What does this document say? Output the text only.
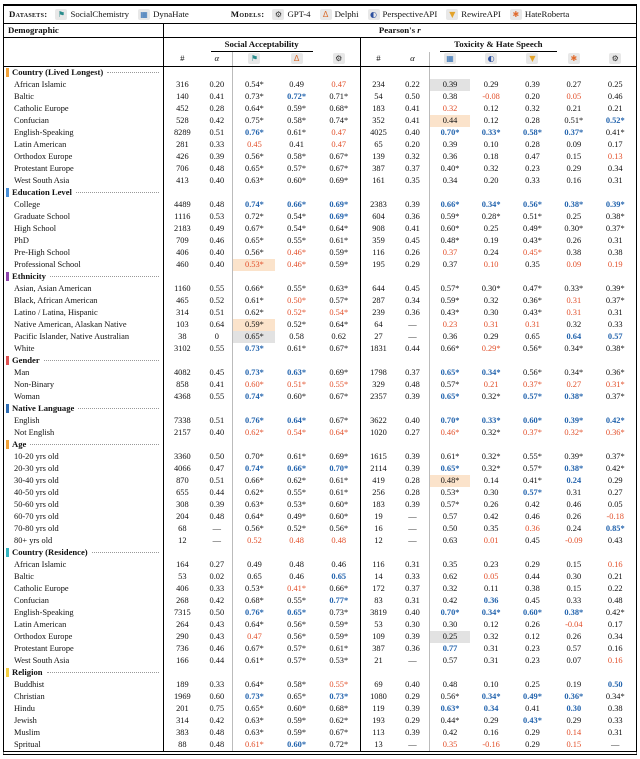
Datasets:	⚑ SocialChemistry ▦ DynaHate	Models:	⚙ GPT-4	Δ Delphi	◐ PerspectiveAPI	▼ RewireAPI	✱ HateRoberta
Demographic	Pearson's r											
	Social Acceptability					Toxicity & Hate Speech						
	#	α	⚑	Δ	⚙	#	α	▦	◐	▼	✱	⚙

Country (Lived Longest)												

African Islamic	316	0.20	0.54*	0.49	0.47	234	0.22	0.39	0.29	0.39	0.27	0.25
Baltic	140	0.41	0.73*	0.72*	0.71*	54	0.50	0.38	-0.08	0.20	0.05	0.46
Catholic Europe	452	0.28	0.64*	0.59*	0.68*	183	0.41	0.32	0.12	0.32	0.21	0.21
Confucian	528	0.42	0.75*	0.58*	0.74*	352	0.41	0.44	0.12	0.28	0.51*	0.52*
English-Speaking	8289	0.51	0.76*	0.61*	0.47	4025	0.40	0.70*	0.33*	0.58*	0.37*	0.41*
Latin American	281	0.33	0.45	0.41	0.47	65	0.20	0.39	0.10	0.28	0.09	0.17
Orthodox Europe	426	0.39	0.56*	0.58*	0.67*	139	0.32	0.36	0.18	0.47	0.15	0.13
Protestant Europe	706	0.48	0.65*	0.57*	0.67*	387	0.37	0.40*	0.32	0.23	0.29	0.34
West South Asia	413	0.40	0.63*	0.60*	0.69*	161	0.35	0.34	0.20	0.33	0.16	0.31

Education Level												

College	4489	0.48	0.74*	0.66*	0.69*	2383	0.39	0.66*	0.34*	0.56*	0.38*	0.39*
Graduate School	1116	0.53	0.72*	0.54*	0.69*	604	0.36	0.59*	0.28*	0.51*	0.25	0.38*
High School	2183	0.49	0.67*	0.54*	0.64*	908	0.41	0.60*	0.25	0.49*	0.30*	0.37*
PhD	709	0.46	0.65*	0.55*	0.61*	359	0.45	0.48*	0.19	0.43*	0.26	0.31
Pre-High School	406	0.40	0.56*	0.46*	0.59*	116	0.26	0.37	0.24	0.45*	0.38	0.38
Professional School	460	0.40	0.53*	0.46*	0.59*	195	0.29	0.37	0.10	0.35	0.09	0.19

Ethnicity												

Asian, Asian American	1160	0.55	0.66*	0.55*	0.63*	644	0.45	0.57*	0.30*	0.47*	0.33*	0.39*
Black, African American	465	0.52	0.61*	0.50*	0.57*	287	0.34	0.59*	0.32	0.36*	0.31	0.37*
Latino / Latina, Hispanic	314	0.51	0.62*	0.52*	0.54*	239	0.36	0.43*	0.30	0.43*	0.31	0.31
Native American, Alaskan Native	103	0.64	0.59*	0.52*	0.64*	64	—	0.23	0.31	0.31	0.32	0.33
Pacific Islander, Native Australian	38	0	0.65*	0.58	0.62	27	—	0.36	0.29	0.65	0.64	0.57
White	3102	0.55	0.73*	0.61*	0.67*	1831	0.44	0.66*	0.29*	0.56*	0.34*	0.38*

Gender												

Man	4082	0.45	0.73*	0.63*	0.69*	1798	0.37	0.65*	0.34*	0.56*	0.34*	0.36*
Non-Binary	858	0.41	0.60*	0.51*	0.55*	329	0.48	0.57*	0.21	0.37*	0.27	0.31*
Woman	4368	0.55	0.74*	0.60*	0.67*	2357	0.39	0.65*	0.32*	0.57*	0.38*	0.37*

Native Language												

English	7338	0.51	0.76*	0.64*	0.67*	3622	0.40	0.70*	0.33*	0.60*	0.39*	0.42*
Not English	2157	0.40	0.62*	0.54*	0.64*	1020	0.27	0.46*	0.32*	0.37*	0.32*	0.36*

Age												

10-20 yrs old	3360	0.50	0.70*	0.61*	0.69*	1615	0.39	0.61*	0.32*	0.55*	0.39*	0.37*
20-30 yrs old	4066	0.47	0.74*	0.66*	0.70*	2114	0.39	0.65*	0.32*	0.57*	0.38*	0.42*
30-40 yrs old	870	0.51	0.66*	0.62*	0.61*	419	0.28	0.48*	0.14	0.41*	0.24	0.29
40-50 yrs old	655	0.44	0.62*	0.55*	0.61*	256	0.28	0.53*	0.30	0.57*	0.31	0.27
50-60 yrs old	308	0.39	0.63*	0.53*	0.60*	183	0.39	0.57*	0.26	0.42	0.46	0.05
60-70 yrs old	204	0.48	0.64*	0.49*	0.60*	19	—	0.57	0.42	0.46	0.26	-0.18
70-80 yrs old	68	—	0.56*	0.52*	0.56*	16	—	0.50	0.35	0.36	0.24	0.85*
80+ yrs old	12	—	0.52	0.48	0.48	12	—	0.63	0.01	0.45	-0.09	0.43

Country (Residence)												

African Islamic	164	0.27	0.49	0.48	0.46	116	0.31	0.35	0.23	0.29	0.15	0.16
Baltic	53	0.02	0.65	0.46	0.65	14	0.33	0.62	0.05	0.44	0.30	0.21
Catholic Europe	406	0.33	0.53*	0.41*	0.66*	172	0.37	0.32	0.11	0.38	0.15	0.22
Confucian	268	0.42	0.68*	0.55*	0.77*	83	0.31	0.42	0.36	0.45	0.33	0.48
English-Speaking	7315	0.50	0.76*	0.65*	0.73*	3819	0.40	0.70*	0.34*	0.60*	0.38*	0.42*
Latin American	264	0.43	0.64*	0.56*	0.59*	53	0.30	0.30	0.12	0.26	-0.04	0.17
Orthodox Europe	290	0.43	0.47	0.56*	0.59*	109	0.39	0.25	0.32	0.12	0.26	0.34
Protestant Europe	736	0.46	0.67*	0.57*	0.61*	387	0.36	0.77	0.31	0.23	0.57	0.16
West South Asia	166	0.44	0.61*	0.57*	0.53*	21	—	0.57	0.31	0.23	0.07	0.16

Religion												

Buddhist	189	0.33	0.64*	0.58*	0.55*	69	0.40	0.48	0.10	0.25	0.19	0.50
Christian	1969	0.60	0.73*	0.65*	0.73*	1080	0.29	0.56*	0.34*	0.49*	0.36*	0.34*
Hindu	201	0.75	0.65*	0.60*	0.68*	119	0.39	0.63*	0.34	0.41	0.30	0.38
Jewish	314	0.42	0.63*	0.59*	0.62*	193	0.29	0.44*	0.29	0.43*	0.29	0.33
Muslim	383	0.48	0.63*	0.59*	0.67*	113	0.39	0.42	0.16	0.29	0.14	0.31
Spritual	88	0.48	0.61*	0.60*	0.72*	13	—	0.35	-0.16	0.29	0.15	—
